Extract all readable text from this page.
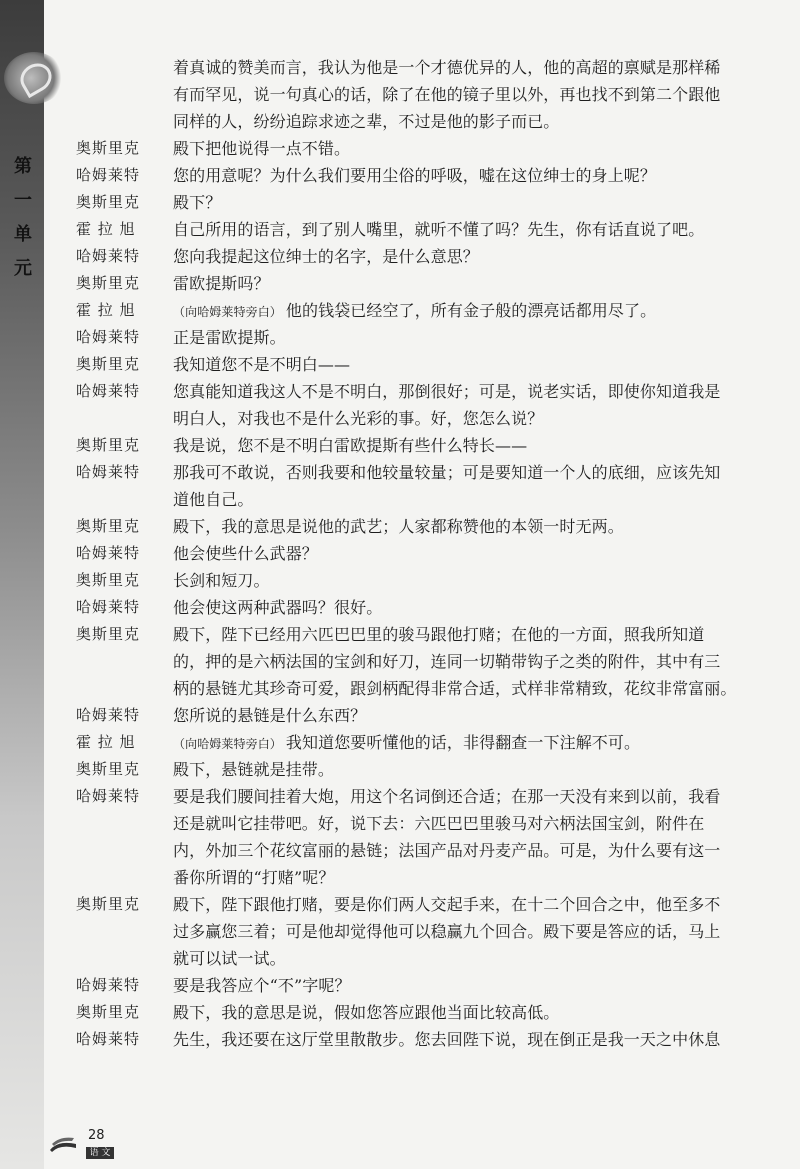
第一单元
着真诚的赞美而言，我认为他是一个才德优异的人，他的高超的禀赋是那样稀
有而罕见，说一句真心的话，除了在他的镜子里以外，再也找不到第二个跟他
同样的人，纷纷追踪求迹之辈，不过是他的影子而已。
奥斯里克	殿下把他说得一点不错。
哈姆莱特	您的用意呢？为什么我们要用尘俗的呼吸，嘘在这位绅士的身上呢？
奥斯里克	殿下？
霍 拉 旭	自己所用的语言，到了别人嘴里，就听不懂了吗？先生，你有话直说了吧。
哈姆莱特	您向我提起这位绅士的名字，是什么意思？
奥斯里克	雷欧提斯吗？
霍 拉 旭	（向哈姆莱特旁白） 他的钱袋已经空了，所有金子般的漂亮话都用尽了。
哈姆莱特	正是雷欧提斯。
奥斯里克	我知道您不是不明白——
哈姆莱特	您真能知道我这人不是不明白，那倒很好；可是，说老实话，即使你知道我是
明白人，对我也不是什么光彩的事。好，您怎么说？
奥斯里克	我是说，您不是不明白雷欧提斯有些什么特长——
哈姆莱特	那我可不敢说，否则我要和他较量较量；可是要知道一个人的底细，应该先知
道他自己。
奥斯里克	殿下，我的意思是说他的武艺；人家都称赞他的本领一时无两。
哈姆莱特	他会使些什么武器？
奥斯里克	长剑和短刀。
哈姆莱特	他会使这两种武器吗？很好。
奥斯里克	殿下，陛下已经用六匹巴巴里的骏马跟他打赌；在他的一方面，照我所知道
的，押的是六柄法国的宝剑和好刀，连同一切鞘带钩子之类的附件，其中有三
柄的悬链尤其珍奇可爱，跟剑柄配得非常合适，式样非常精致，花纹非常富丽。
哈姆莱特	您所说的悬链是什么东西？
霍 拉 旭	（向哈姆莱特旁白） 我知道您要听懂他的话，非得翻查一下注解不可。
奥斯里克	殿下，悬链就是挂带。
哈姆莱特	要是我们腰间挂着大炮，用这个名词倒还合适；在那一天没有来到以前，我看
还是就叫它挂带吧。好，说下去：六匹巴巴里骏马对六柄法国宝剑，附件在
内，外加三个花纹富丽的悬链；法国产品对丹麦产品。可是，为什么要有这一
番你所谓的“打赌”呢？
奥斯里克	殿下，陛下跟他打赌，要是你们两人交起手来，在十二个回合之中，他至多不
过多赢您三着；可是他却觉得他可以稳赢九个回合。殿下要是答应的话，马上
就可以试一试。
哈姆莱特	要是我答应个“不”字呢？
奥斯里克	殿下，我的意思是说，假如您答应跟他当面比较高低。
哈姆莱特	先生，我还要在这厅堂里散散步。您去回陛下说，现在倒正是我一天之中休息
28
语 文
